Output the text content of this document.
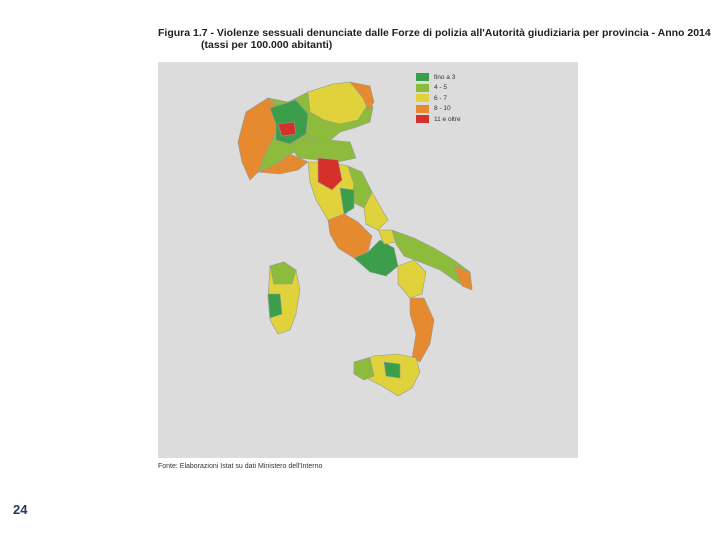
Figura 1.7 - Violenze sessuali denunciate dalle Forze di polizia all'Autorità giudiziaria per provincia - Anno 2014
(tassi per 100.000 abitanti)
fino a 3
4 - 5
6 - 7
8 - 10
11 e oltre
Fonte: Elaborazioni Istat su dati Ministero dell'Interno
24
